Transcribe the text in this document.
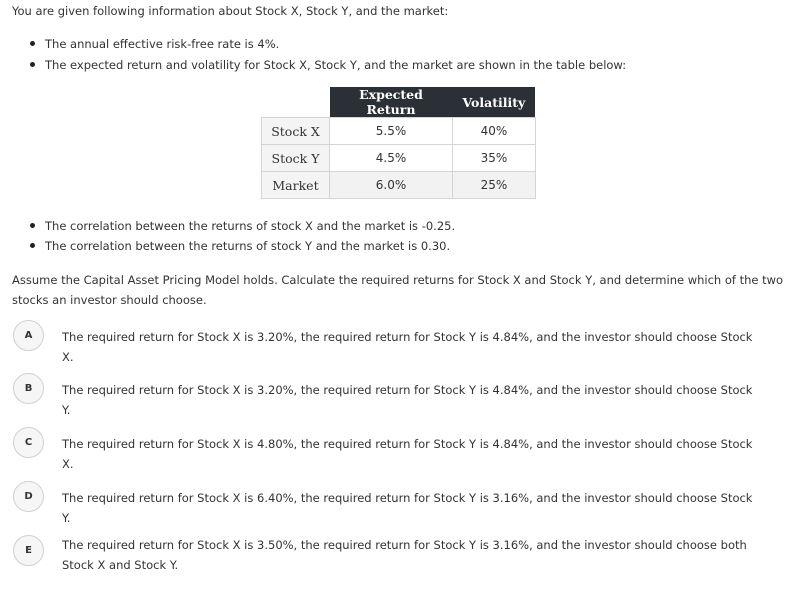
You are given following information about Stock X, Stock Y, and the market:
The annual effective risk-free rate is 4%.
The expected return and volatility for Stock X, Stock Y, and the market are shown in the table below:
	Expected Return	Volatility
Stock X	5.5%	40%
Stock Y	4.5%	35%
Market	6.0%	25%
The correlation between the returns of stock X and the market is -0.25.
The correlation between the returns of stock Y and the market is 0.30.
Assume the Capital Asset Pricing Model holds. Calculate the required returns for Stock X and Stock Y, and determine which of the two stocks an investor should choose.
A	The required return for Stock X is 3.20%, the required return for Stock Y is 4.84%, and the investor should choose Stock X.
B	The required return for Stock X is 3.20%, the required return for Stock Y is 4.84%, and the investor should choose Stock Y.
C	The required return for Stock X is 4.80%, the required return for Stock Y is 4.84%, and the investor should choose Stock X.
D	The required return for Stock X is 6.40%, the required return for Stock Y is 3.16%, and the investor should choose Stock Y.
E	The required return for Stock X is 3.50%, the required return for Stock Y is 3.16%, and the investor should choose both Stock X and Stock Y.
